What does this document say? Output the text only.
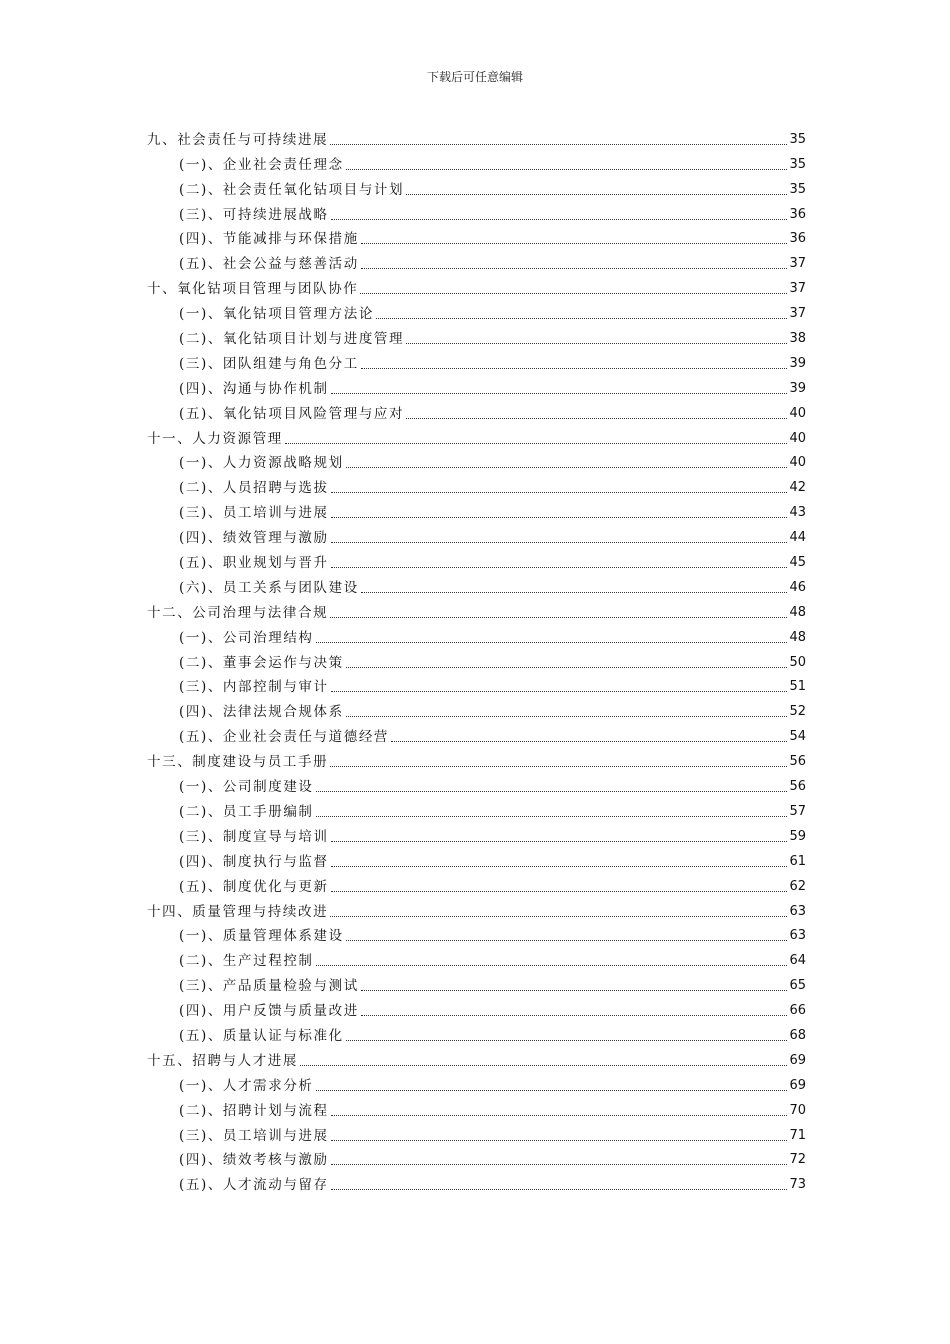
下载后可任意编辑
九、社会责任与可持续进展	35
(一)、企业社会责任理念	35
(二)、社会责任氧化钴项目与计划	35
(三)、可持续进展战略	36
(四)、节能减排与环保措施	36
(五)、社会公益与慈善活动	37
十、氧化钴项目管理与团队协作	37
(一)、氧化钴项目管理方法论	37
(二)、氧化钴项目计划与进度管理	38
(三)、团队组建与角色分工	39
(四)、沟通与协作机制	39
(五)、氧化钴项目风险管理与应对	40
十一、人力资源管理	40
(一)、人力资源战略规划	40
(二)、人员招聘与选拔	42
(三)、员工培训与进展	43
(四)、绩效管理与激励	44
(五)、职业规划与晋升	45
(六)、员工关系与团队建设	46
十二、公司治理与法律合规	48
(一)、公司治理结构	48
(二)、董事会运作与决策	50
(三)、内部控制与审计	51
(四)、法律法规合规体系	52
(五)、企业社会责任与道德经营	54
十三、制度建设与员工手册	56
(一)、公司制度建设	56
(二)、员工手册编制	57
(三)、制度宣导与培训	59
(四)、制度执行与监督	61
(五)、制度优化与更新	62
十四、质量管理与持续改进	63
(一)、质量管理体系建设	63
(二)、生产过程控制	64
(三)、产品质量检验与测试	65
(四)、用户反馈与质量改进	66
(五)、质量认证与标准化	68
十五、招聘与人才进展	69
(一)、人才需求分析	69
(二)、招聘计划与流程	70
(三)、员工培训与进展	71
(四)、绩效考核与激励	72
(五)、人才流动与留存	73
